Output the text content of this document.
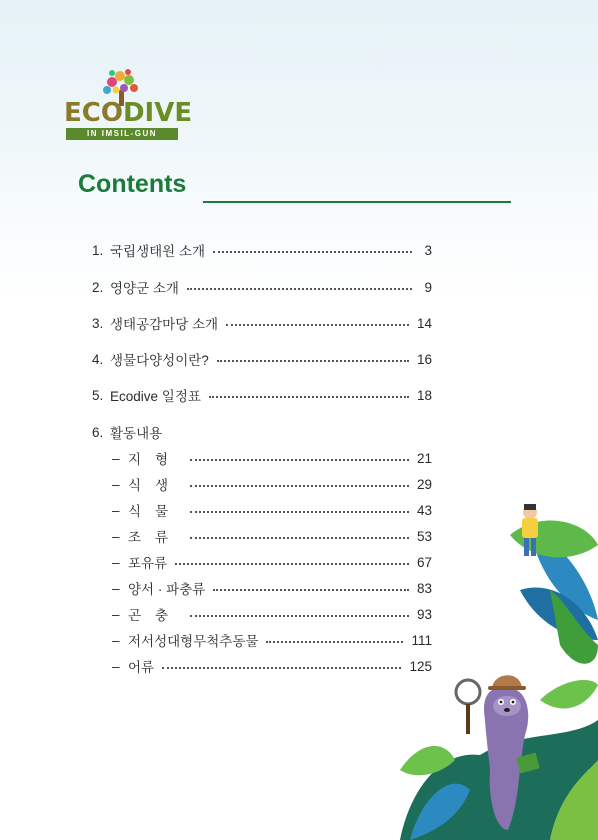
ECODIVE
IN IMSIL-GUN
Contents
1. 국립생태원 소개	3
2. 영양군 소개	9
3. 생태공감마당 소개	14
4. 생물다양성이란?	16
5. Ecodive 일정표	18
6. 활동내용
– 지형	21
– 식생	29
– 식물	43
– 조류	53
– 포유류	67
– 양서 · 파충류	83
– 곤충	93
– 저서성대형무척추동물	111
– 어류	125
